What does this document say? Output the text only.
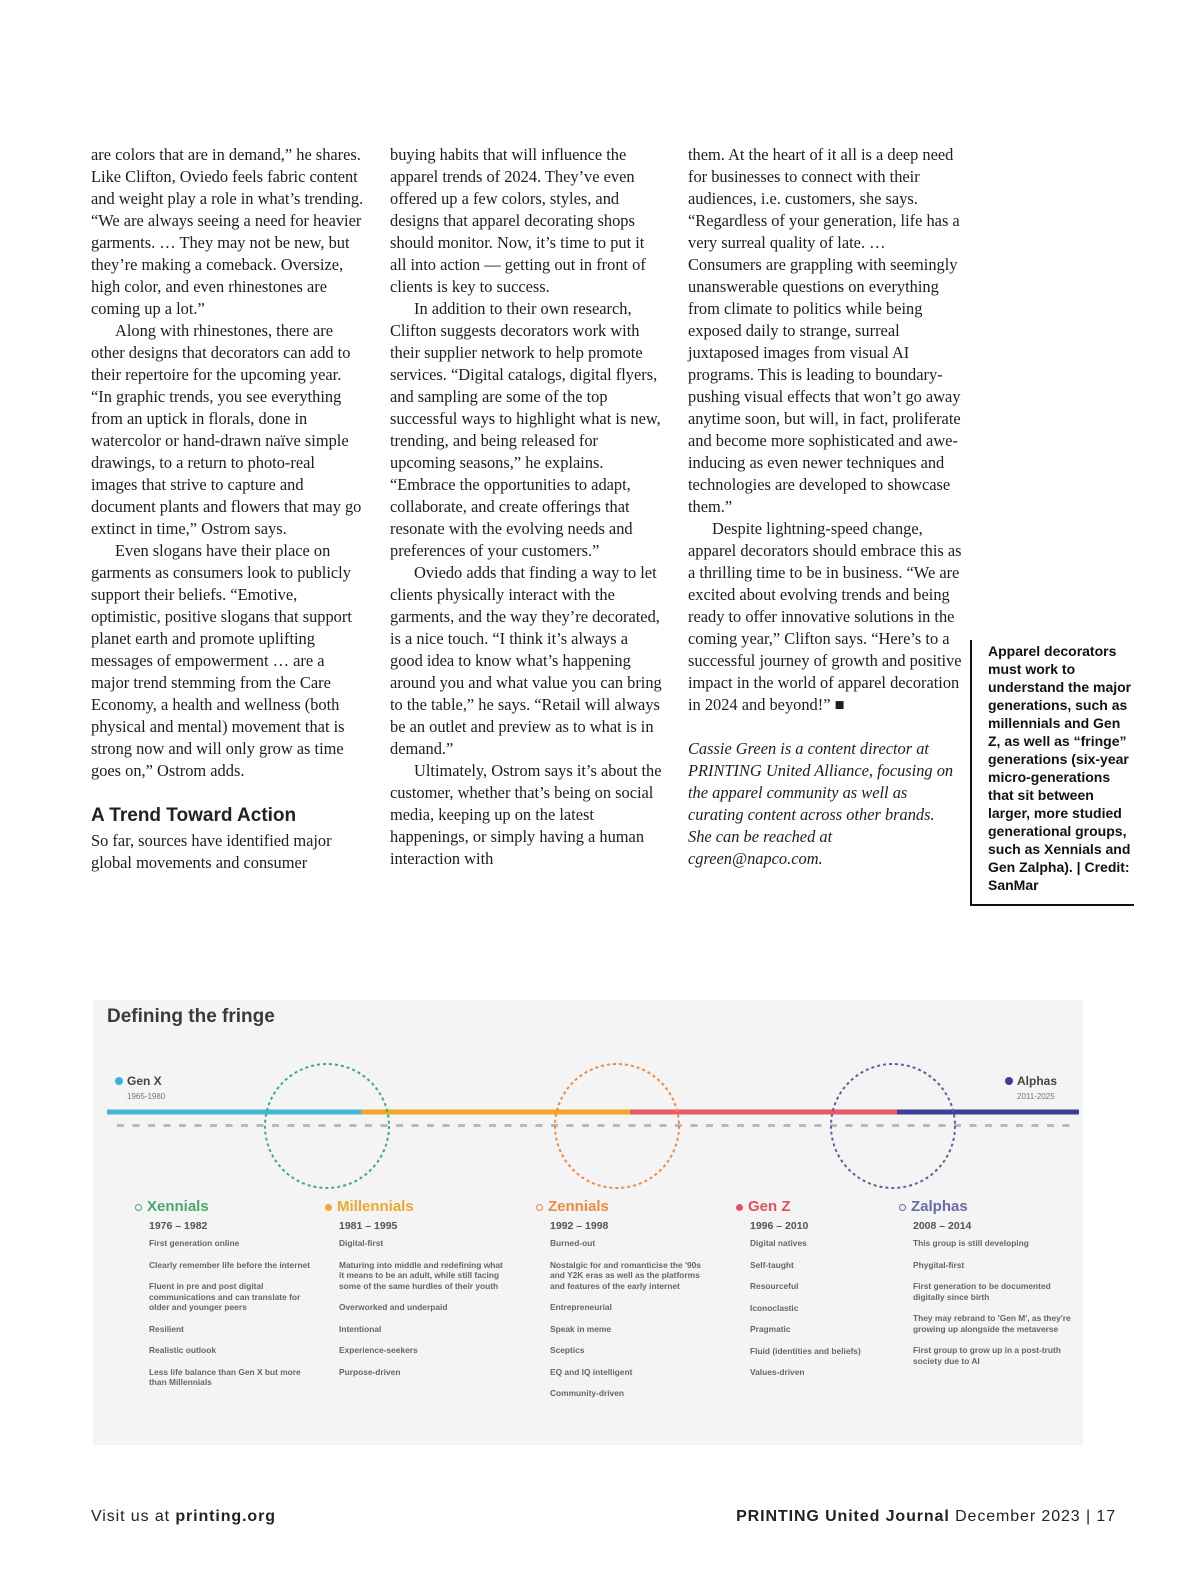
are colors that are in demand,” he shares. Like Clifton, Oviedo feels fabric content and weight play a role in what’s trending. “We are always seeing a need for heavier garments. … They may not be new, but they’re making a comeback. Oversize, high color, and even rhinestones are coming up a lot.”

Along with rhinestones, there are other designs that decorators can add to their repertoire for the upcoming year. “In graphic trends, you see everything from an uptick in florals, done in watercolor or hand-drawn naïve simple drawings, to a return to photo-real images that strive to capture and document plants and flowers that may go extinct in time,” Ostrom says.

Even slogans have their place on garments as consumers look to publicly support their beliefs. “Emotive, optimistic, positive slogans that support planet earth and promote uplifting messages of empowerment … are a major trend stemming from the Care Economy, a health and wellness (both physical and mental) movement that is strong now and will only grow as time goes on,” Ostrom adds.

A Trend Toward Action

So far, sources have identified major global movements and consumer

buying habits that will influence the apparel trends of 2024. They’ve even offered up a few colors, styles, and designs that apparel decorating shops should monitor. Now, it’s time to put it all into action — getting out in front of clients is key to success.

In addition to their own research, Clifton suggests decorators work with their supplier network to help promote services. “Digital catalogs, digital flyers, and sampling are some of the top successful ways to highlight what is new, trending, and being released for upcoming seasons,” he explains. “Embrace the opportunities to adapt, collaborate, and create offerings that resonate with the evolving needs and preferences of your customers.”

Oviedo adds that finding a way to let clients physically interact with the garments, and the way they’re decorated, is a nice touch. “I think it’s always a good idea to know what’s happening around you and what value you can bring to the table,” he says. “Retail will always be an outlet and preview as to what is in demand.”

Ultimately, Ostrom says it’s about the customer, whether that’s being on social media, keeping up on the latest happenings, or simply having a human interaction with

them. At the heart of it all is a deep need for businesses to connect with their audiences, i.e. customers, she says. “Regardless of your generation, life has a very surreal quality of late. … Consumers are grappling with seemingly unanswerable questions on everything from climate to politics while being exposed daily to strange, surreal juxtaposed images from visual AI programs. This is leading to boundary-pushing visual effects that won’t go away anytime soon, but will, in fact, proliferate and become more sophisticated and awe-inducing as even newer techniques and technologies are developed to showcase them.”

Despite lightning-speed change, apparel decorators should embrace this as a thrilling time to be in business. “We are excited about evolving trends and being ready to offer innovative solutions in the coming year,” Clifton says. “Here’s to a successful journey of growth and positive impact in the world of apparel decoration in 2024 and beyond!” ■

Cassie Green is a content director at PRINTING United Alliance, focusing on the apparel community as well as curating content across other brands. She can be reached at cgreen@napco.com.

Apparel decorators must work to understand the major generations, such as millennials and Gen Z, as well as “fringe” generations (six-year micro-generations that sit between larger, more studied generational groups, such as Xennials and Gen Zalpha). | Credit: SanMar
Defining the fringe
Gen X
1965-1980
Alphas
2011-2025
Xennials
1976 – 1982
First generation online
Clearly remember life before the internet
Fluent in pre and post digital communications and can translate for older and younger peers
Resilient
Realistic outlook
Less life balance than Gen X but more than Millennials
Millennials
1981 – 1995
Digital-first
Maturing into middle and redefining what it means to be an adult, while still facing some of the same hurdles of their youth
Overworked and underpaid
Intentional
Experience-seekers
Purpose-driven
Zennials
1992 – 1998
Burned-out
Nostalgic for and romanticise the '90s and Y2K eras as well as the platforms and features of the early internet
Entrepreneurial
Speak in meme
Sceptics
EQ and IQ intelligent
Community-driven
Gen Z
1996 – 2010
Digital natives
Self-taught
Resourceful
Iconoclastic
Pragmatic
Fluid (identities and beliefs)
Values-driven
Zalphas
2008 – 2014
This group is still developing
Phygital-first
First generation to be documented digitally since birth
They may rebrand to 'Gen M', as they're growing up alongside the metaverse
First group to grow up in a post-truth society due to AI
Visit us at printing.org	PRINTING United Journal December 2023 | 17
